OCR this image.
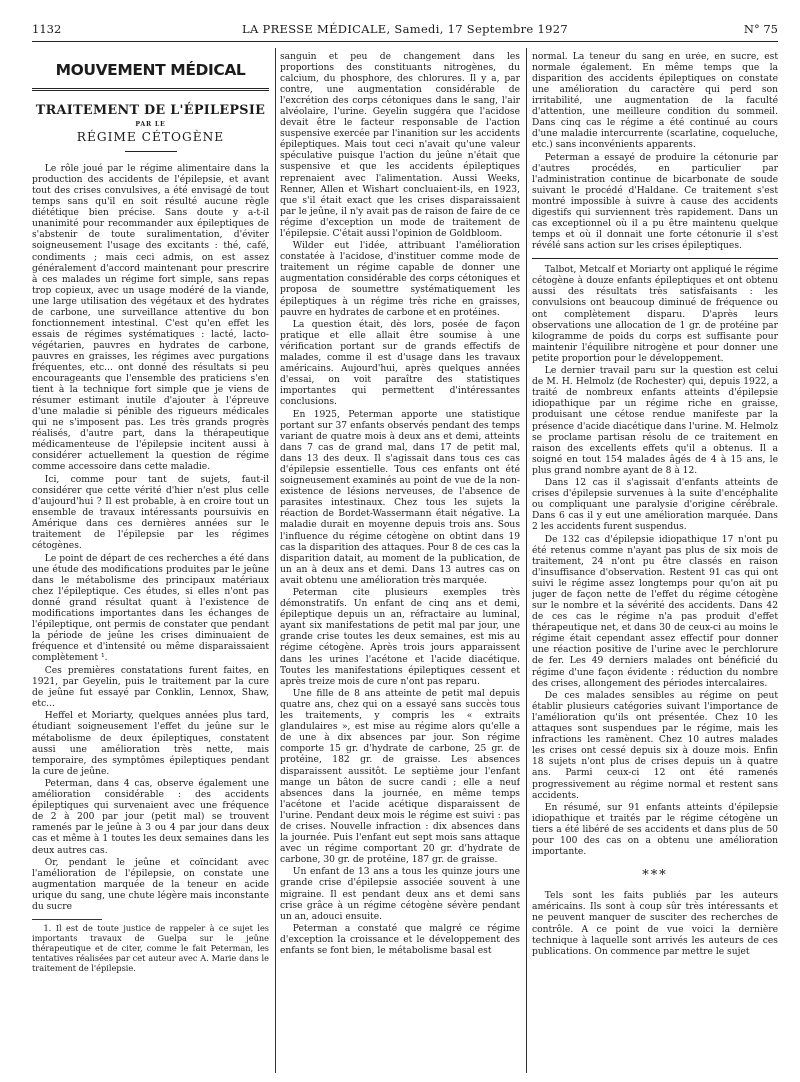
LA PRESSE MÉDICALE, Samedi, 17 Septembre 1927
1132	N° 75
MOUVEMENT MÉDICAL
TRAITEMENT DE L'ÉPILEPSIE
PAR LE
RÉGIME CÉTOGÈNE

Le rôle joué par le régime alimentaire dans la production des accidents de l'épilepsie, et avant tout des crises convulsives, a été envisagé de tout temps sans qu'il en soit résulté aucune règle diététique bien précise. Sans doute y a-t-il unanimité pour recommander aux épileptiques de s'abstenir de toute suralimentation, d'éviter soigneusement l'usage des excitants : thé, café, condiments ; mais ceci admis, on est assez généralement d'accord maintenant pour prescrire à ces malades un régime fort simple, sans repas trop copieux, avec un usage modéré de la viande, une large utilisation des végétaux et des hydrates de carbone, une surveillance attentive du bon fonctionnement intestinal. C'est qu'en effet les essais de régimes systématiques : lacté, lacto-végétarien, pauvres en hydrates de carbone, pauvres en graisses, les régimes avec purgations fréquentes, etc... ont donné des résultats si peu encourageants que l'ensemble des praticiens s'en tient à la technique fort simple que je viens de résumer estimant inutile d'ajouter à l'épreuve d'une maladie si pénible des rigueurs médicales qui ne s'imposent pas. Les très grands progrès réalisés, d'autre part, dans la thérapeutique médicamenteuse de l'épilepsie incitent aussi à considérer actuellement la question de régime comme accessoire dans cette maladie.

Ici, comme pour tant de sujets, faut-il considérer que cette vérité d'hier n'est plus celle d'aujourd'hui ? Il est probable, à en croire tout un ensemble de travaux intéressants poursuivis en Amérique dans ces dernières années sur le traitement de l'épilepsie par les régimes cétogènes.

Le point de départ de ces recherches a été dans une étude des modifications produites par le jeûne dans le métabolisme des principaux matériaux chez l'épileptique. Ces études, si elles n'ont pas donné grand résultat quant à l'existence de modifications importantes dans les échanges de l'épileptique, ont permis de constater que pendant la période de jeûne les crises diminuaient de fréquence et d'intensité ou même disparaissaient complètement ¹.

Ces premières constatations furent faites, en 1921, par Geyelin, puis le traitement par la cure de jeûne fut essayé par Conklin, Lennox, Shaw, etc...

Heffel et Moriarty, quelques années plus tard, étudiant soigneusement l'effet du jeûne sur le métabolisme de deux épileptiques, constatent aussi une amélioration très nette, mais temporaire, des symptômes épileptiques pendant la cure de jeûne.

Peterman, dans 4 cas, observe également une amélioration considérable : des accidents épileptiques qui survenaient avec une fréquence de 2 à 200 par jour (petit mal) se trouvent ramenés par le jeûne à 3 ou 4 par jour dans deux cas et même à 1 toutes les deux semaines dans les deux autres cas.

Or, pendant le jeûne et coïncidant avec l'amélioration de l'épilepsie, on constate une augmentation marquée de la teneur en acide urique du sang, une chute légère mais inconstante du sucre

1. Il est de toute justice de rappeler à ce sujet les importants travaux de Guelpa sur le jeûne thérapeutique et de citer, comme le fait Peterman, les tentatives réalisées par cet auteur avec A. Marie dans le traitement de l'épilepsie.

sanguin et peu de changement dans les proportions des constituants nitrogènes, du calcium, du phosphore, des chlorures. Il y a, par contre, une augmentation considérable de l'excrétion des corps cétoniques dans le sang, l'air alvéolaire, l'urine. Geyelin suggéra que l'acidose devait être le facteur responsable de l'action suspensive exercée par l'inanition sur les accidents épileptiques. Mais tout ceci n'avait qu'une valeur spéculative puisque l'action du jeûne n'était que suspensive et que les accidents épileptiques reprenaient avec l'alimentation. Aussi Weeks, Renner, Allen et Wishart concluaient-ils, en 1923, que s'il était exact que les crises disparaissaient par le jeûne, il n'y avait pas de raison de faire de ce régime d'exception un mode de traitement de l'épilepsie. C'était aussi l'opinion de Goldbloom.

Wilder eut l'idée, attribuant l'amélioration constatée à l'acidose, d'instituer comme mode de traitement un régime capable de donner une augmentation considérable des corps cétoniques et proposa de soumettre systématiquement les épileptiques à un régime très riche en graisses, pauvre en hydrates de carbone et en protéines.

La question était, dès lors, posée de façon pratique et elle allait être soumise à une vérification portant sur de grands effectifs de malades, comme il est d'usage dans les travaux américains. Aujourd'hui, après quelques années d'essai, on voit paraître des statistiques importantes qui permettent d'intéressantes conclusions.

En 1925, Peterman apporte une statistique portant sur 37 enfants observés pendant des temps variant de quatre mois à deux ans et demi, atteints dans 7 cas de grand mal, dans 17 de petit mal, dans 13 des deux. Il s'agissait dans tous ces cas d'épilepsie essentielle. Tous ces enfants ont été soigneusement examinés au point de vue de la non-existence de lésions nerveuses, de l'absence de parasites intestinaux. Chez tous les sujets la réaction de Bordet-Wassermann était négative. La maladie durait en moyenne depuis trois ans. Sous l'influence du régime cétogène on obtint dans 19 cas la disparition des attaques. Pour 8 de ces cas la disparition datait, au moment de la publication, de un an à deux ans et demi. Dans 13 autres cas on avait obtenu une amélioration très marquée.

Peterman cite plusieurs exemples très démonstratifs. Un enfant de cinq ans et demi, épileptique depuis un an, réfractaire au luminal, ayant six manifestations de petit mal par jour, une grande crise toutes les deux semaines, est mis au régime cétogène. Après trois jours apparaissent dans les urines l'acétone et l'acide diacétique. Toutes les manifestations épileptiques cessent et après treize mois de cure n'ont pas reparu.

Une fille de 8 ans atteinte de petit mal depuis quatre ans, chez qui on a essayé sans succès tous les traitements, y compris les « extraits glandulaires », est mise au régime alors qu'elle a de une à dix absences par jour. Son régime comporte 15 gr. d'hydrate de carbone, 25 gr. de protéine, 182 gr. de graisse. Les absences disparaissent aussitôt. Le septième jour l'enfant mange un bâton de sucre candi ; elle a neuf absences dans la journée, en même temps l'acétone et l'acide acétique disparaissent de l'urine. Pendant deux mois le régime est suivi : pas de crises. Nouvelle infraction : dix absences dans la journée. Puis l'enfant eut sept mois sans attaque avec un régime comportant 20 gr. d'hydrate de carbone, 30 gr. de protéine, 187 gr. de graisse.

Un enfant de 13 ans a tous les quinze jours une grande crise d'épilepsie associée souvent à une migraine. Il est pendant deux ans et demi sans crise grâce à un régime cétogène sévère pendant un an, adouci ensuite.

Peterman a constaté que malgré ce régime d'exception la croissance et le développement des enfants se font bien, le métabolisme basal est

normal. La teneur du sang en urée, en sucre, est normale également. En même temps que la disparition des accidents épileptiques on constate une amélioration du caractère qui perd son irritabilité, une augmentation de la faculté d'attention, une meilleure condition du sommeil. Dans cinq cas le régime a été continué au cours d'une maladie intercurrente (scarlatine, coqueluche, etc.) sans inconvénients apparents.

Peterman a essayé de produire la cétonurie par d'autres procédés, en particulier par l'administration continue de bicarbonate de soude suivant le procédé d'Haldane. Ce traitement s'est montré impossible à suivre à cause des accidents digestifs qui surviennent très rapidement. Dans un cas exceptionnel où il a pu être maintenu quelque temps et où il donnait une forte cétonurie il s'est révélé sans action sur les crises épileptiques.

Talbot, Metcalf et Moriarty ont appliqué le régime cétogène à douze enfants épileptiques et ont obtenu aussi des résultats très satisfaisants : les convulsions ont beaucoup diminué de fréquence ou ont complètement disparu. D'après leurs observations une allocation de 1 gr. de protéine par kilogramme de poids du corps est suffisante pour maintenir l'équilibre nitrogène et pour donner une petite proportion pour le développement.

Le dernier travail paru sur la question est celui de M. H. Helmolz (de Rochester) qui, depuis 1922, a traité de nombreux enfants atteints d'épilepsie idiopathique par un régime riche en graisse, produisant une cétose rendue manifeste par la présence d'acide diacétique dans l'urine. M. Helmolz se proclame partisan résolu de ce traitement en raison des excellents effets qu'il a obtenus. Il a soigné en tout 154 malades âgés de 4 à 15 ans, le plus grand nombre ayant de 8 à 12.

Dans 12 cas il s'agissait d'enfants atteints de crises d'épilepsie survenues à la suite d'encéphalite ou compliquant une paralysie d'origine cérébrale. Dans 6 cas il y eut une amélioration marquée. Dans 2 les accidents furent suspendus.

De 132 cas d'épilepsie idiopathique 17 n'ont pu été retenus comme n'ayant pas plus de six mois de traitement, 24 n'ont pu être classés en raison d'insuffisance d'observation. Restent 91 cas qui ont suivi le régime assez longtemps pour qu'on ait pu juger de façon nette de l'effet du régime cétogène sur le nombre et la sévérité des accidents. Dans 42 de ces cas le régime n'a pas produit d'effet thérapeutique net, et dans 30 de ceux-ci au moins le régime était cependant assez effectif pour donner une réaction positive de l'urine avec le perchlorure de fer. Les 49 derniers malades ont bénéficié du régime d'une façon évidente : réduction du nombre des crises, allongement des périodes intercalaires.

De ces malades sensibles au régime on peut établir plusieurs catégories suivant l'importance de l'amélioration qu'ils ont présentée. Chez 10 les attaques sont suspendues par le régime, mais les infractions les ramènent. Chez 10 autres malades les crises ont cessé depuis six à douze mois. Enfin 18 sujets n'ont plus de crises depuis un à quatre ans. Parmi ceux-ci 12 ont été ramenés progressivement au régime normal et restent sans accidents.

En résumé, sur 91 enfants atteints d'épilepsie idiopathique et traités par le régime cétogène un tiers a été libéré de ses accidents et dans plus de 50 pour 100 des cas on a obtenu une amélioration importante.

***

Tels sont les faits publiés par les auteurs américains. Ils sont à coup sûr très intéressants et ne peuvent manquer de susciter des recherches de contrôle. A ce point de vue voici la dernière technique à laquelle sont arrivés les auteurs de ces publications. On commence par mettre le sujet
